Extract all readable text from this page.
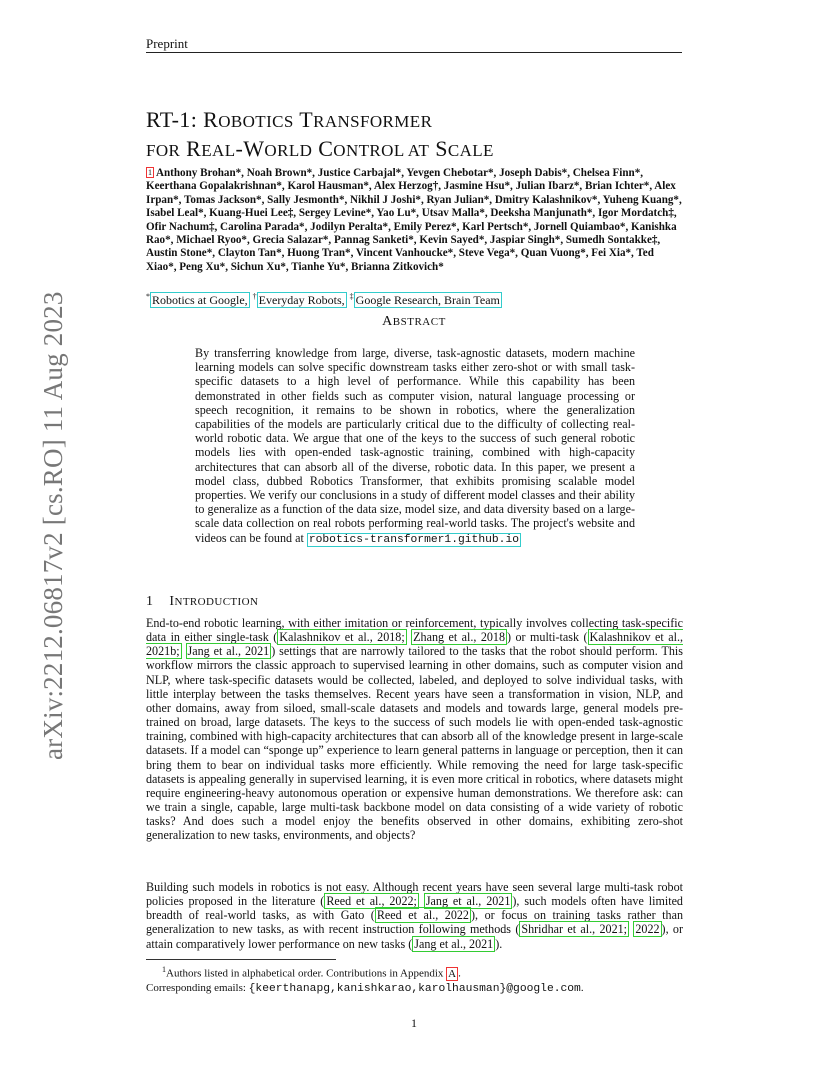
Preprint
arXiv:2212.06817v2 [cs.RO] 11 Aug 2023
RT-1: ROBOTICS TRANSFORMER
FOR REAL-WORLD CONTROL AT SCALE
1 Anthony Brohan*, Noah Brown*, Justice Carbajal*, Yevgen Chebotar*, Joseph Dabis*, Chelsea Finn*, Keerthana Gopalakrishnan*, Karol Hausman*, Alex Herzog†, Jasmine Hsu*, Julian Ibarz*, Brian Ichter*, Alex Irpan*, Tomas Jackson*, Sally Jesmonth*, Nikhil J Joshi*, Ryan Julian*, Dmitry Kalashnikov*, Yuheng Kuang*, Isabel Leal*, Kuang-Huei Lee‡, Sergey Levine*, Yao Lu*, Utsav Malla*, Deeksha Manjunath*, Igor Mordatch‡, Ofir Nachum‡, Carolina Parada*, Jodilyn Peralta*, Emily Perez*, Karl Pertsch*, Jornell Quiambao*, Kanishka Rao*, Michael Ryoo*, Grecia Salazar*, Pannag Sanketi*, Kevin Sayed*, Jaspiar Singh*, Sumedh Sontakke‡, Austin Stone*, Clayton Tan*, Huong Tran*, Vincent Vanhoucke*, Steve Vega*, Quan Vuong*, Fei Xia*, Ted Xiao*, Peng Xu*, Sichun Xu*, Tianhe Yu*, Brianna Zitkovich*
* Robotics at Google, † Everyday Robots, ‡ Google Research, Brain Team
ABSTRACT
By transferring knowledge from large, diverse, task-agnostic datasets, modern machine learning models can solve specific downstream tasks either zero-shot or with small task-specific datasets to a high level of performance. While this capability has been demonstrated in other fields such as computer vision, natural language processing or speech recognition, it remains to be shown in robotics, where the generalization capabilities of the models are particularly critical due to the difficulty of collecting real-world robotic data. We argue that one of the keys to the success of such general robotic models lies with open-ended task-agnostic training, combined with high-capacity architectures that can absorb all of the diverse, robotic data. In this paper, we present a model class, dubbed Robotics Transformer, that exhibits promising scalable model properties. We verify our conclusions in a study of different model classes and their ability to generalize as a function of the data size, model size, and data diversity based on a large-scale data collection on real robots performing real-world tasks. The project's website and videos can be found at robotics-transformer1.github.io
1 INTRODUCTION
End-to-end robotic learning, with either imitation or reinforcement, typically involves collecting task-specific data in either single-task ( Kalashnikov et al., 2018; Zhang et al., 2018 ) or multi-task ( Kalashnikov et al., 2021b; Jang et al., 2021 ) settings that are narrowly tailored to the tasks that the robot should perform. This workflow mirrors the classic approach to supervised learning in other domains, such as computer vision and NLP, where task-specific datasets would be collected, labeled, and deployed to solve individual tasks, with little interplay between the tasks themselves. Recent years have seen a transformation in vision, NLP, and other domains, away from siloed, small-scale datasets and models and towards large, general models pre-trained on broad, large datasets. The keys to the success of such models lie with open-ended task-agnostic training, combined with high-capacity architectures that can absorb all of the knowledge present in large-scale datasets. If a model can “sponge up” experience to learn general patterns in language or perception, then it can bring them to bear on individual tasks more efficiently. While removing the need for large task-specific datasets is appealing generally in supervised learning, it is even more critical in robotics, where datasets might require engineering-heavy autonomous operation or expensive human demonstrations. We therefore ask: can we train a single, capable, large multi-task backbone model on data consisting of a wide variety of robotic tasks? And does such a model enjoy the benefits observed in other domains, exhibiting zero-shot generalization to new tasks, environments, and objects?
Building such models in robotics is not easy. Although recent years have seen several large multi-task robot policies proposed in the literature ( Reed et al., 2022; Jang et al., 2021 ), such models often have limited breadth of real-world tasks, as with Gato ( Reed et al., 2022 ), or focus on training tasks rather than generalization to new tasks, as with recent instruction following methods ( Shridhar et al., 2021; 2022 ), or attain comparatively lower performance on new tasks ( Jang et al., 2021 ).
$^1$Authors listed in alphabetical order. Contributions in Appendix A .
Corresponding emails: {keerthanapg,kanishkarao,karolhausman}@google.com.
1
